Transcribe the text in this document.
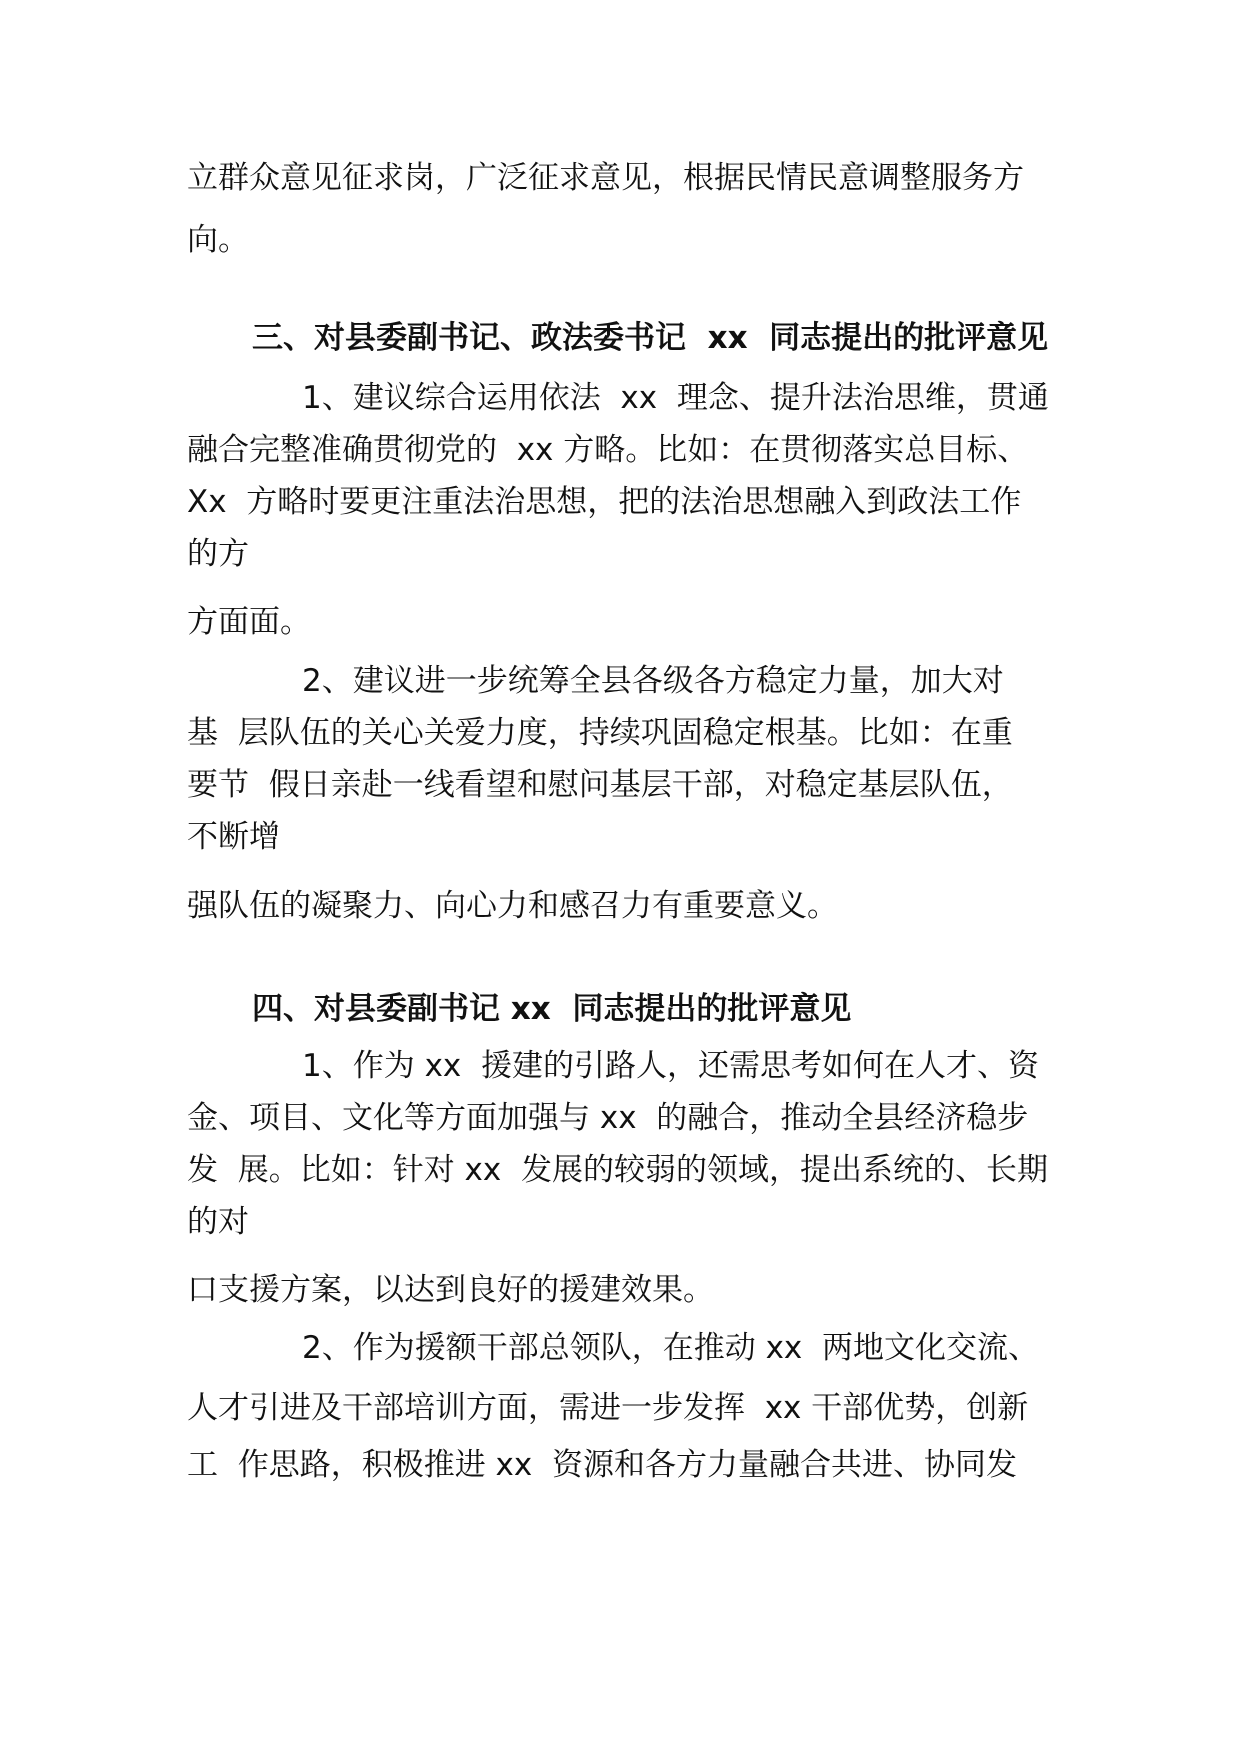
立群众意见征求岗，广泛征求意见，根据民情民意调整服务方

向。

三、对县委副书记、政法委书记  xx  同志提出的批评意见

1、建议综合运用依法  xx  理念、提升法治思维，贯通

融合完整准确贯彻党的  xx 方略。比如：在贯彻落实总目标、

Xx  方略时要更注重法治思想，把的法治思想融入到政法工作

的方

方面面。

2、建议进一步统筹全县各级各方稳定力量，加大对

基  层队伍的关心关爱力度，持续巩固稳定根基。比如：在重

要节  假日亲赴一线看望和慰问基层干部，对稳定基层队伍，

不断增

强队伍的凝聚力、向心力和感召力有重要意义。

四、对县委副书记 xx  同志提出的批评意见

1、作为 xx  援建的引路人，还需思考如何在人才、资

金、项目、文化等方面加强与 xx  的融合，推动全县经济稳步

发  展。比如：针对 xx  发展的较弱的领域，提出系统的、长期

的对

口支援方案，以达到良好的援建效果。

2、作为援额干部总领队，在推动 xx  两地文化交流、

人才引进及干部培训方面，需进一步发挥  xx 干部优势，创新

工  作思路，积极推进 xx  资源和各方力量融合共进、协同发
